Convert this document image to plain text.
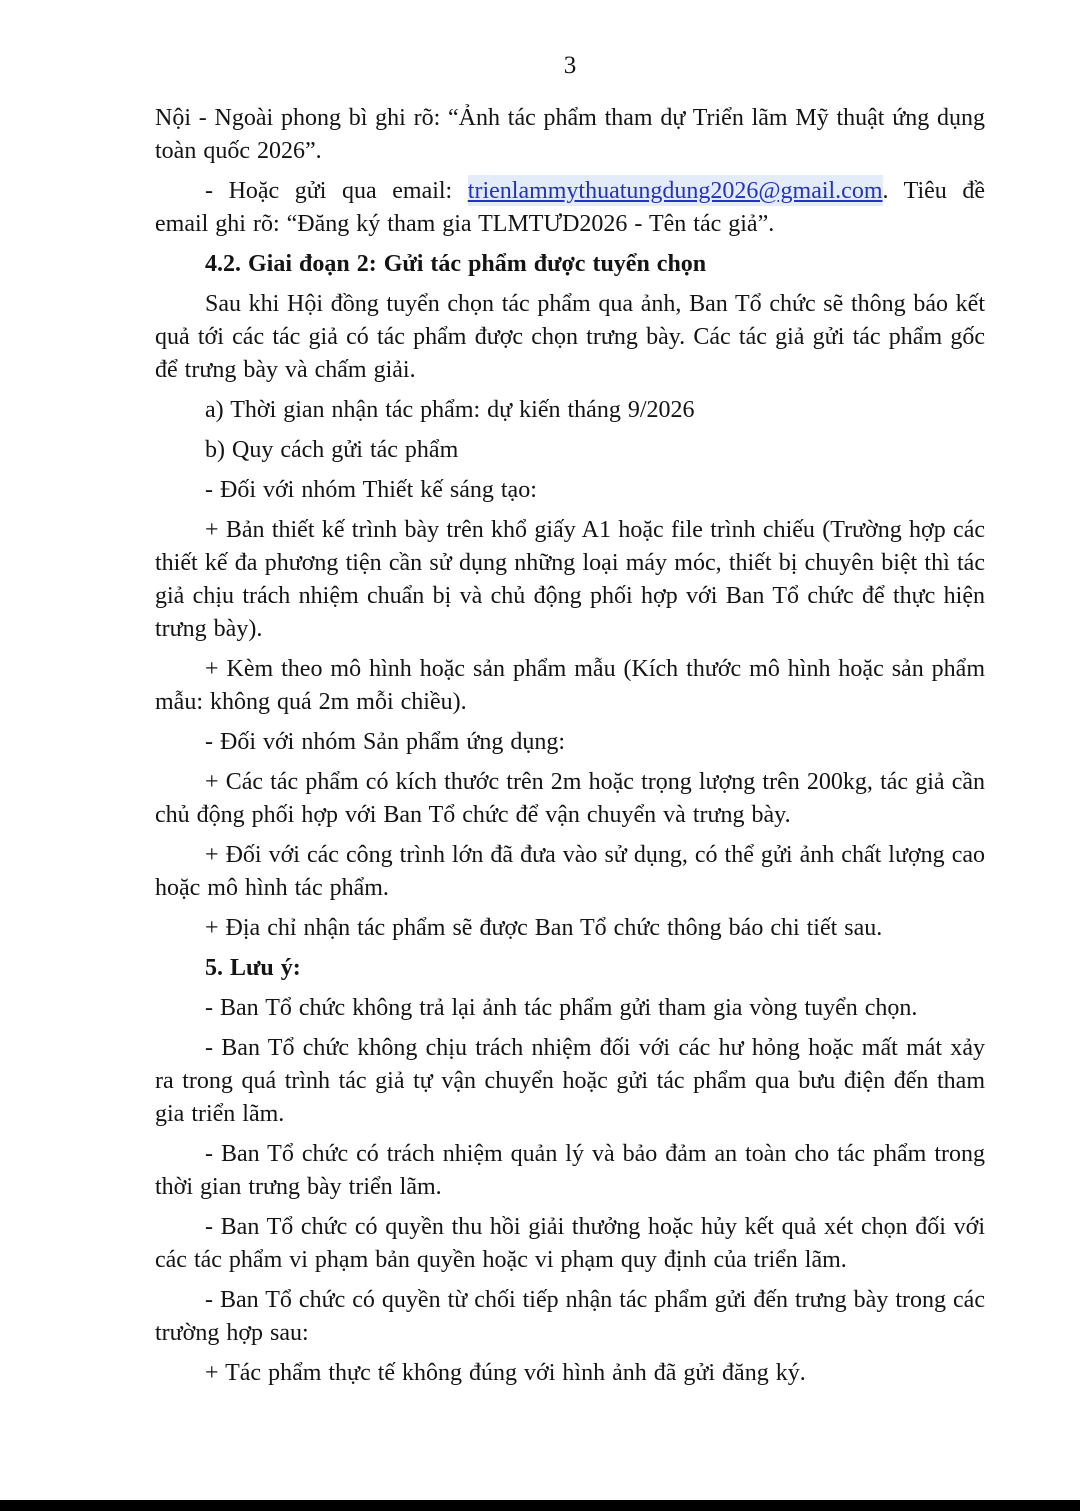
3

Nội - Ngoài phong bì ghi rõ: “Ảnh tác phẩm tham dự Triển lãm Mỹ thuật ứng dụng toàn quốc 2026”.

- Hoặc gửi qua email: trienlammythuatungdung2026@gmail.com. Tiêu đề email ghi rõ: “Đăng ký tham gia TLMTƯD2026 - Tên tác giả”.

4.2. Giai đoạn 2: Gửi tác phẩm được tuyển chọn

Sau khi Hội đồng tuyển chọn tác phẩm qua ảnh, Ban Tổ chức sẽ thông báo kết quả tới các tác giả có tác phẩm được chọn trưng bày. Các tác giả gửi tác phẩm gốc để trưng bày và chấm giải.

a) Thời gian nhận tác phẩm: dự kiến tháng 9/2026

b) Quy cách gửi tác phẩm

- Đối với nhóm Thiết kế sáng tạo:

+ Bản thiết kế trình bày trên khổ giấy A1 hoặc file trình chiếu (Trường hợp các thiết kế đa phương tiện cần sử dụng những loại máy móc, thiết bị chuyên biệt thì tác giả chịu trách nhiệm chuẩn bị và chủ động phối hợp với Ban Tổ chức để thực hiện trưng bày).

+ Kèm theo mô hình hoặc sản phẩm mẫu (Kích thước mô hình hoặc sản phẩm mẫu: không quá 2m mỗi chiều).

- Đối với nhóm Sản phẩm ứng dụng:

+ Các tác phẩm có kích thước trên 2m hoặc trọng lượng trên 200kg, tác giả cần chủ động phối hợp với Ban Tổ chức để vận chuyển và trưng bày.

+ Đối với các công trình lớn đã đưa vào sử dụng, có thể gửi ảnh chất lượng cao hoặc mô hình tác phẩm.

+ Địa chỉ nhận tác phẩm sẽ được Ban Tổ chức thông báo chi tiết sau.

5. Lưu ý:

- Ban Tổ chức không trả lại ảnh tác phẩm gửi tham gia vòng tuyển chọn.

- Ban Tổ chức không chịu trách nhiệm đối với các hư hỏng hoặc mất mát xảy ra trong quá trình tác giả tự vận chuyển hoặc gửi tác phẩm qua bưu điện đến tham gia triển lãm.

- Ban Tổ chức có trách nhiệm quản lý và bảo đảm an toàn cho tác phẩm trong thời gian trưng bày triển lãm.

- Ban Tổ chức có quyền thu hồi giải thưởng hoặc hủy kết quả xét chọn đối với các tác phẩm vi phạm bản quyền hoặc vi phạm quy định của triển lãm.

- Ban Tổ chức có quyền từ chối tiếp nhận tác phẩm gửi đến trưng bày trong các trường hợp sau:

+ Tác phẩm thực tế không đúng với hình ảnh đã gửi đăng ký.
